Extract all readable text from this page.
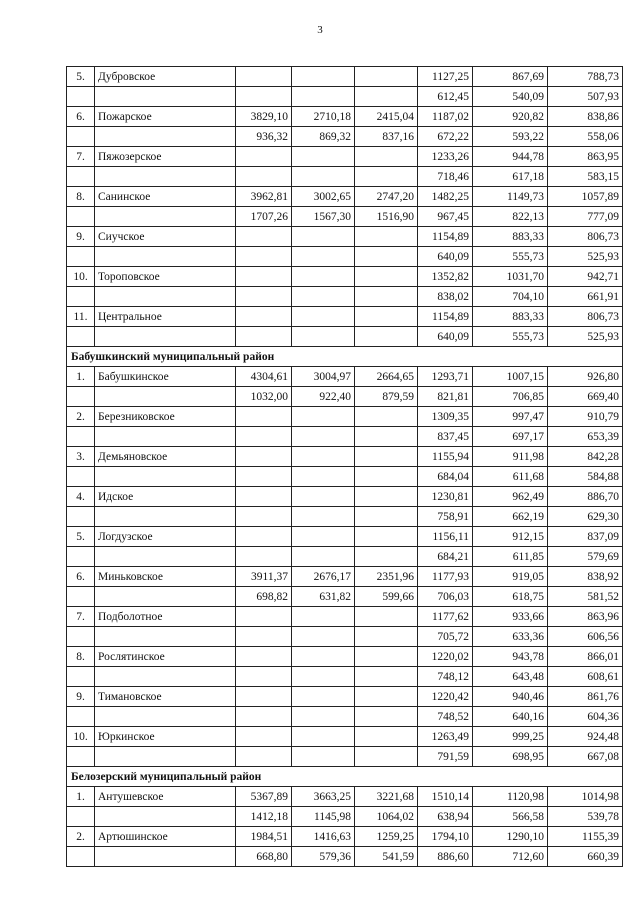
3
5.	Дубровское				1127,25	867,69	788,73
					612,45	540,09	507,93
6.	Пожарское	3829,10	2710,18	2415,04	1187,02	920,82	838,86
		936,32	869,32	837,16	672,22	593,22	558,06
7.	Пяжозерское				1233,26	944,78	863,95
					718,46	617,18	583,15
8.	Санинское	3962,81	3002,65	2747,20	1482,25	1149,73	1057,89
		1707,26	1567,30	1516,90	967,45	822,13	777,09
9.	Сиучское				1154,89	883,33	806,73
					640,09	555,73	525,93
10.	Тороповское				1352,82	1031,70	942,71
					838,02	704,10	661,91
11.	Центральное				1154,89	883,33	806,73
					640,09	555,73	525,93
Бабушкинский муниципальный район							
1.	Бабушкинское	4304,61	3004,97	2664,65	1293,71	1007,15	926,80
		1032,00	922,40	879,59	821,81	706,85	669,40
2.	Березниковское				1309,35	997,47	910,79
					837,45	697,17	653,39
3.	Демьяновское				1155,94	911,98	842,28
					684,04	611,68	584,88
4.	Идское				1230,81	962,49	886,70
					758,91	662,19	629,30
5.	Логдузское				1156,11	912,15	837,09
					684,21	611,85	579,69
6.	Миньковское	3911,37	2676,17	2351,96	1177,93	919,05	838,92
		698,82	631,82	599,66	706,03	618,75	581,52
7.	Подболотное				1177,62	933,66	863,96
					705,72	633,36	606,56
8.	Рослятинское				1220,02	943,78	866,01
					748,12	643,48	608,61
9.	Тимановское				1220,42	940,46	861,76
					748,52	640,16	604,36
10.	Юркинское				1263,49	999,25	924,48
					791,59	698,95	667,08
Белозерский муниципальный район							
1.	Антушевское	5367,89	3663,25	3221,68	1510,14	1120,98	1014,98
		1412,18	1145,98	1064,02	638,94	566,58	539,78
2.	Артюшинское	1984,51	1416,63	1259,25	1794,10	1290,10	1155,39
		668,80	579,36	541,59	886,60	712,60	660,39
